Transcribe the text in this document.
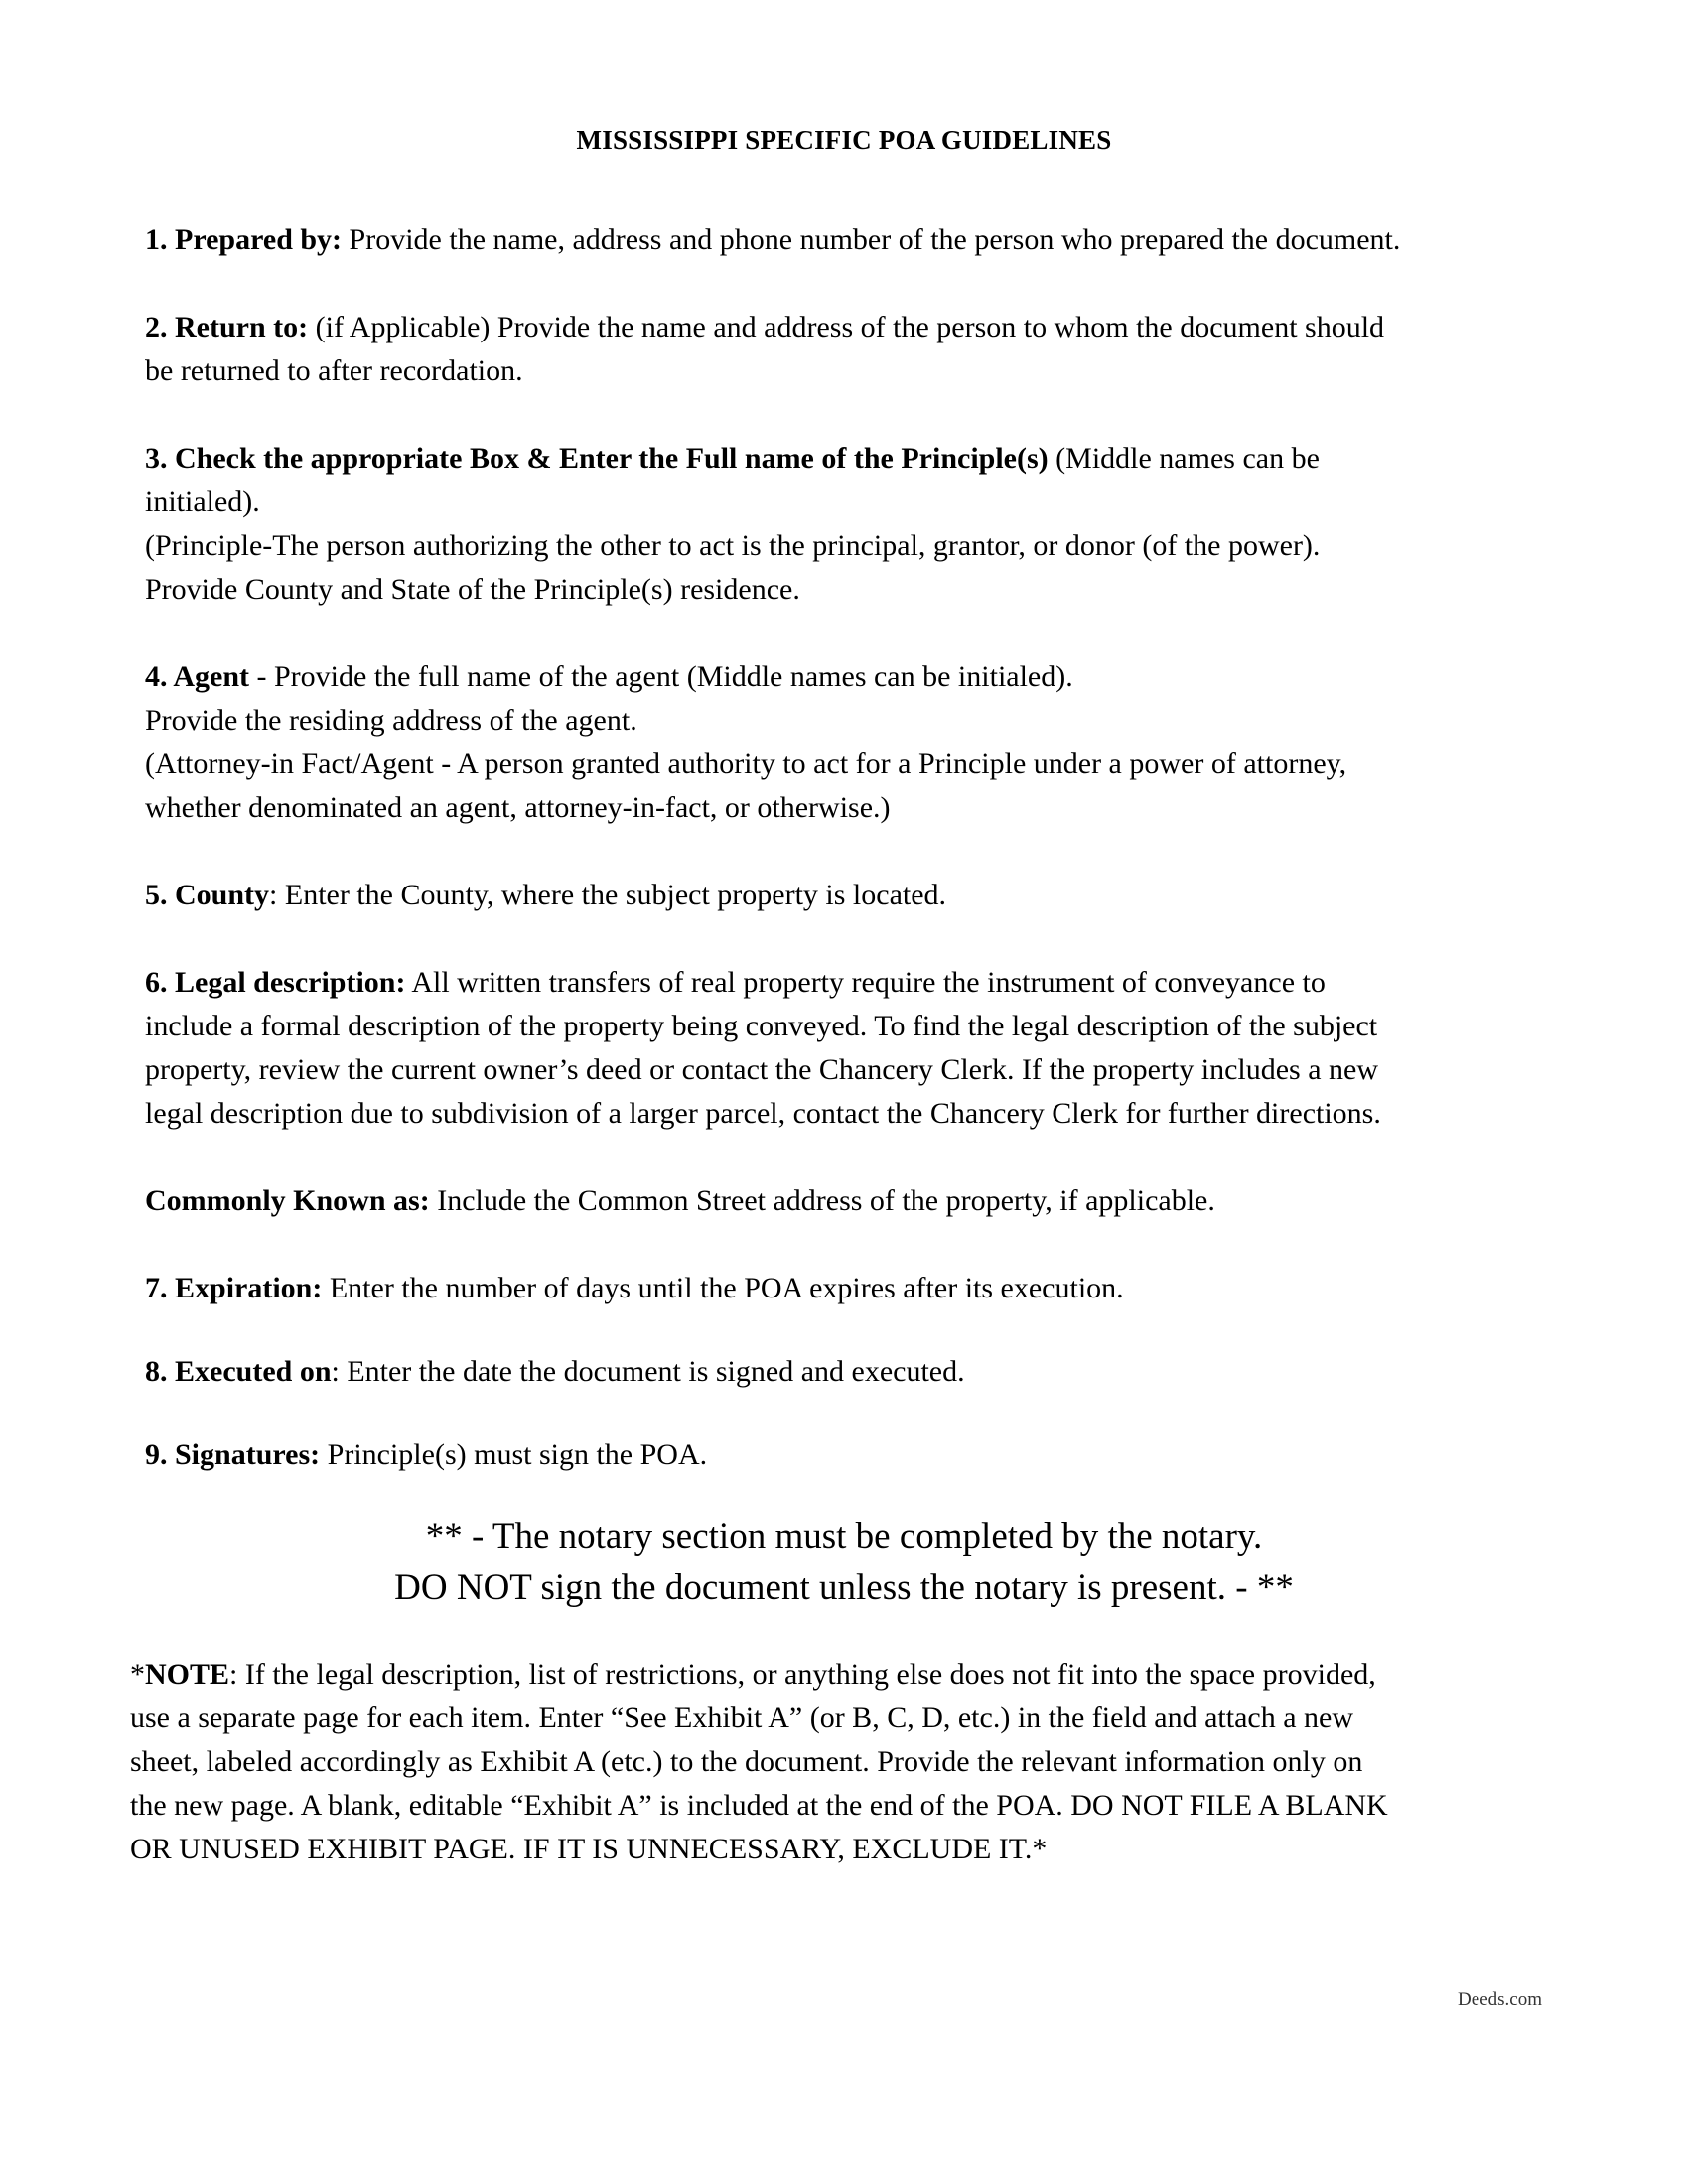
MISSISSIPPI SPECIFIC POA GUIDELINES
1. Prepared by: Provide the name, address and phone number of the person who prepared the document.
2. Return to: (if Applicable) Provide the name and address of the person to whom the document should
be returned to after recordation.
3. Check the appropriate Box & Enter the Full name of the Principle(s) (Middle names can be
initialed).
(Principle-The person authorizing the other to act is the principal, grantor, or donor (of the power).
Provide County and State of the Principle(s) residence.
4. Agent - Provide the full name of the agent (Middle names can be initialed).
Provide the residing address of the agent.
(Attorney-in Fact/Agent - A person granted authority to act for a Principle under a power of attorney,
whether denominated an agent, attorney-in-fact, or otherwise.)
5. County: Enter the County, where the subject property is located.
6. Legal description: All written transfers of real property require the instrument of conveyance to
include a formal description of the property being conveyed. To find the legal description of the subject
property, review the current owner’s deed or contact the Chancery Clerk. If the property includes a new
legal description due to subdivision of a larger parcel, contact the Chancery Clerk for further directions.
Commonly Known as: Include the Common Street address of the property, if applicable.
7. Expiration: Enter the number of days until the POA expires after its execution.
8. Executed on: Enter the date the document is signed and executed.
9. Signatures: Principle(s) must sign the POA.
** - The notary section must be completed by the notary.
DO NOT sign the document unless the notary is present. - **
*NOTE: If the legal description, list of restrictions, or anything else does not fit into the space provided,
use a separate page for each item. Enter “See Exhibit A” (or B, C, D, etc.) in the field and attach a new
sheet, labeled accordingly as Exhibit A (etc.) to the document. Provide the relevant information only on
the new page. A blank, editable “Exhibit A” is included at the end of the POA. DO NOT FILE A BLANK
OR UNUSED EXHIBIT PAGE. IF IT IS UNNECESSARY, EXCLUDE IT.*
Deeds.com
